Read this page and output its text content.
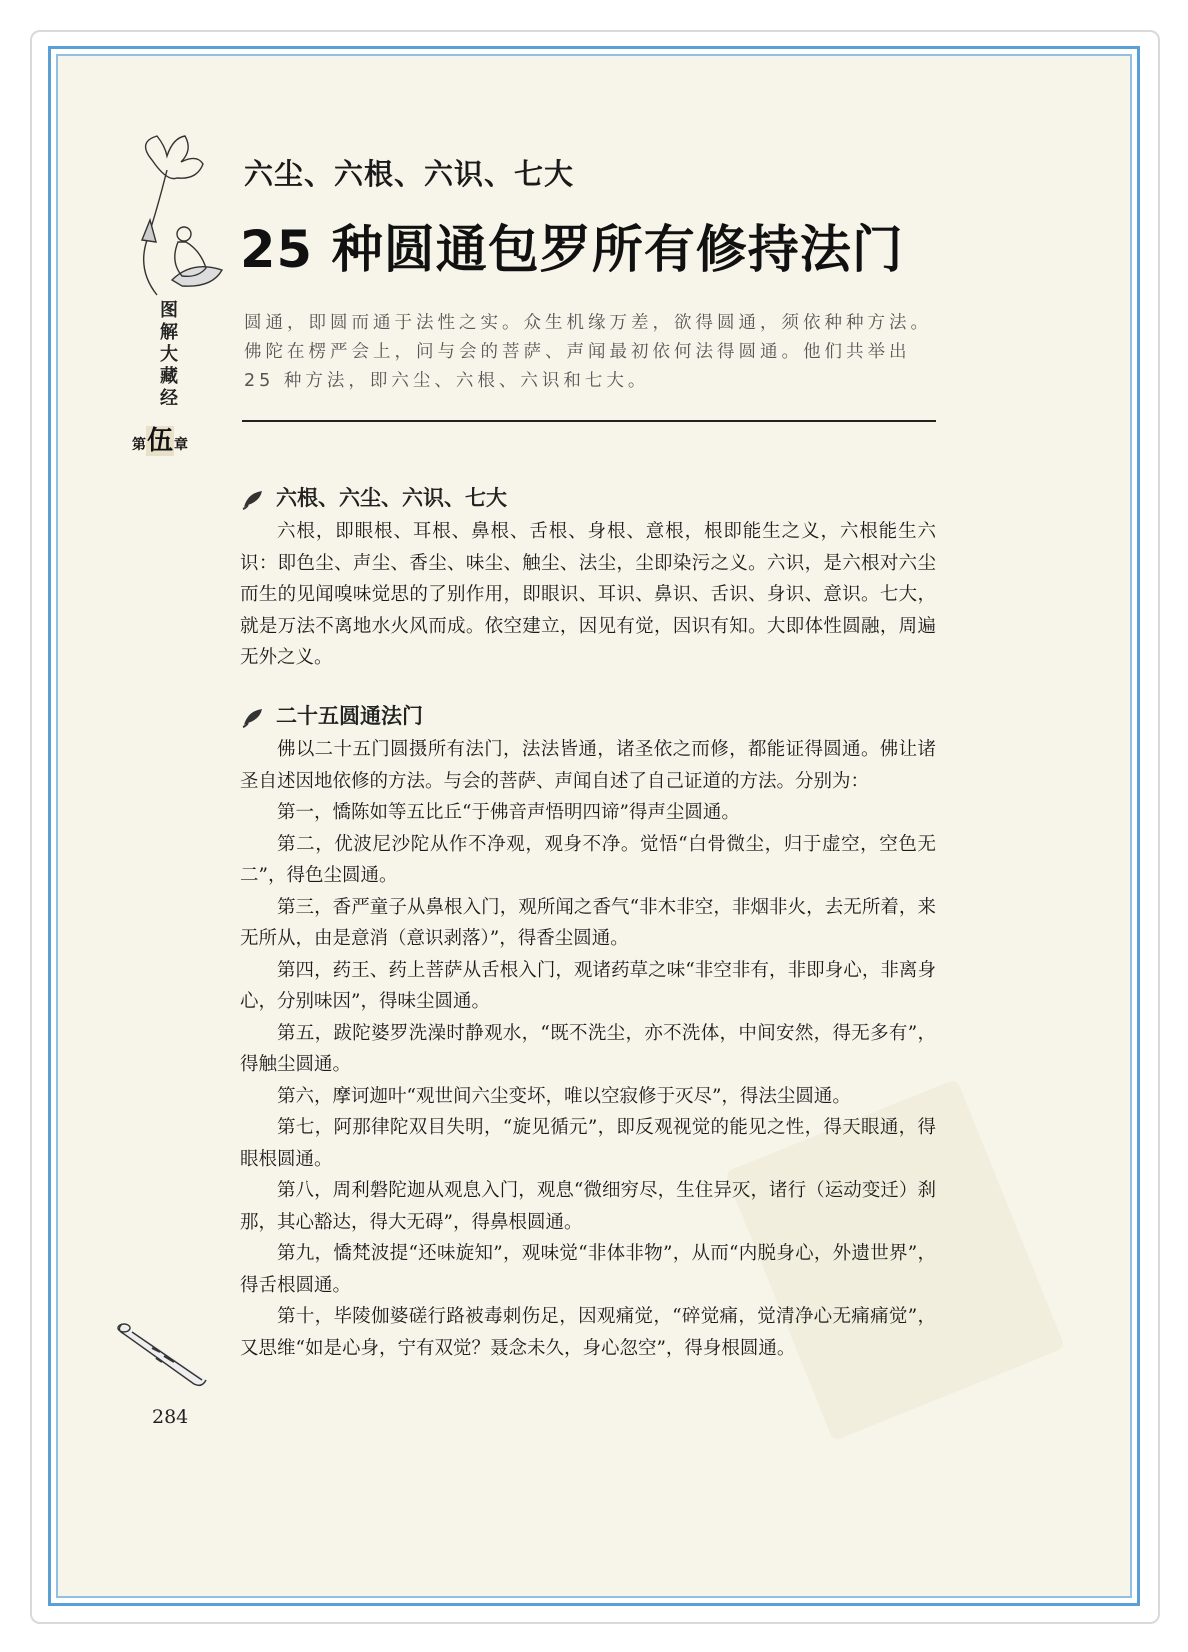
图解大藏经
第伍章
六尘、六根、六识、七大
25 种圆通包罗所有修持法门
圆通，即圆而通于法性之实。众生机缘万差，欲得圆通，须依种种方法。佛陀在楞严会上，问与会的菩萨、声闻最初依何法得圆通。他们共举出 25 种方法，即六尘、六根、六识和七大。
六根、六尘、六识、七大

六根，即眼根、耳根、鼻根、舌根、身根、意根，根即能生之义，六根能生六识：即色尘、声尘、香尘、味尘、触尘、法尘，尘即染污之义。六识，是六根对六尘而生的见闻嗅味觉思的了别作用，即眼识、耳识、鼻识、舌识、身识、意识。七大，就是万法不离地水火风而成。依空建立，因见有觉，因识有知。大即体性圆融，周遍无外之义。

二十五圆通法门

佛以二十五门圆摄所有法门，法法皆通，诸圣依之而修，都能证得圆通。佛让诸圣自述因地依修的方法。与会的菩萨、声闻自述了自己证道的方法。分别为：

第一，憍陈如等五比丘“于佛音声悟明四谛”得声尘圆通。

第二，优波尼沙陀从作不净观，观身不净。觉悟“白骨微尘，归于虚空，空色无二”，得色尘圆通。

第三，香严童子从鼻根入门，观所闻之香气“非木非空，非烟非火，去无所着，来无所从，由是意消（意识剥落）”，得香尘圆通。

第四，药王、药上菩萨从舌根入门，观诸药草之味“非空非有，非即身心，非离身心，分别味因”，得味尘圆通。

第五，跋陀婆罗洗澡时静观水，“既不洗尘，亦不洗体，中间安然，得无多有”，得触尘圆通。

第六，摩诃迦叶“观世间六尘变坏，唯以空寂修于灭尽”，得法尘圆通。

第七，阿那律陀双目失明，“旋见循元”，即反观视觉的能见之性，得天眼通，得眼根圆通。

第八，周利磐陀迦从观息入门，观息“微细穷尽，生住异灭，诸行（运动变迁）刹那，其心豁达，得大无碍”，得鼻根圆通。

第九，憍梵波提“还味旋知”，观味觉“非体非物”，从而“内脱身心，外遗世界”，得舌根圆通。

第十，毕陵伽婆磋行路被毒刺伤足，因观痛觉，“碎觉痛，觉清净心无痛痛觉”，又思维“如是心身，宁有双觉？聂念未久，身心忽空”，得身根圆通。

284
